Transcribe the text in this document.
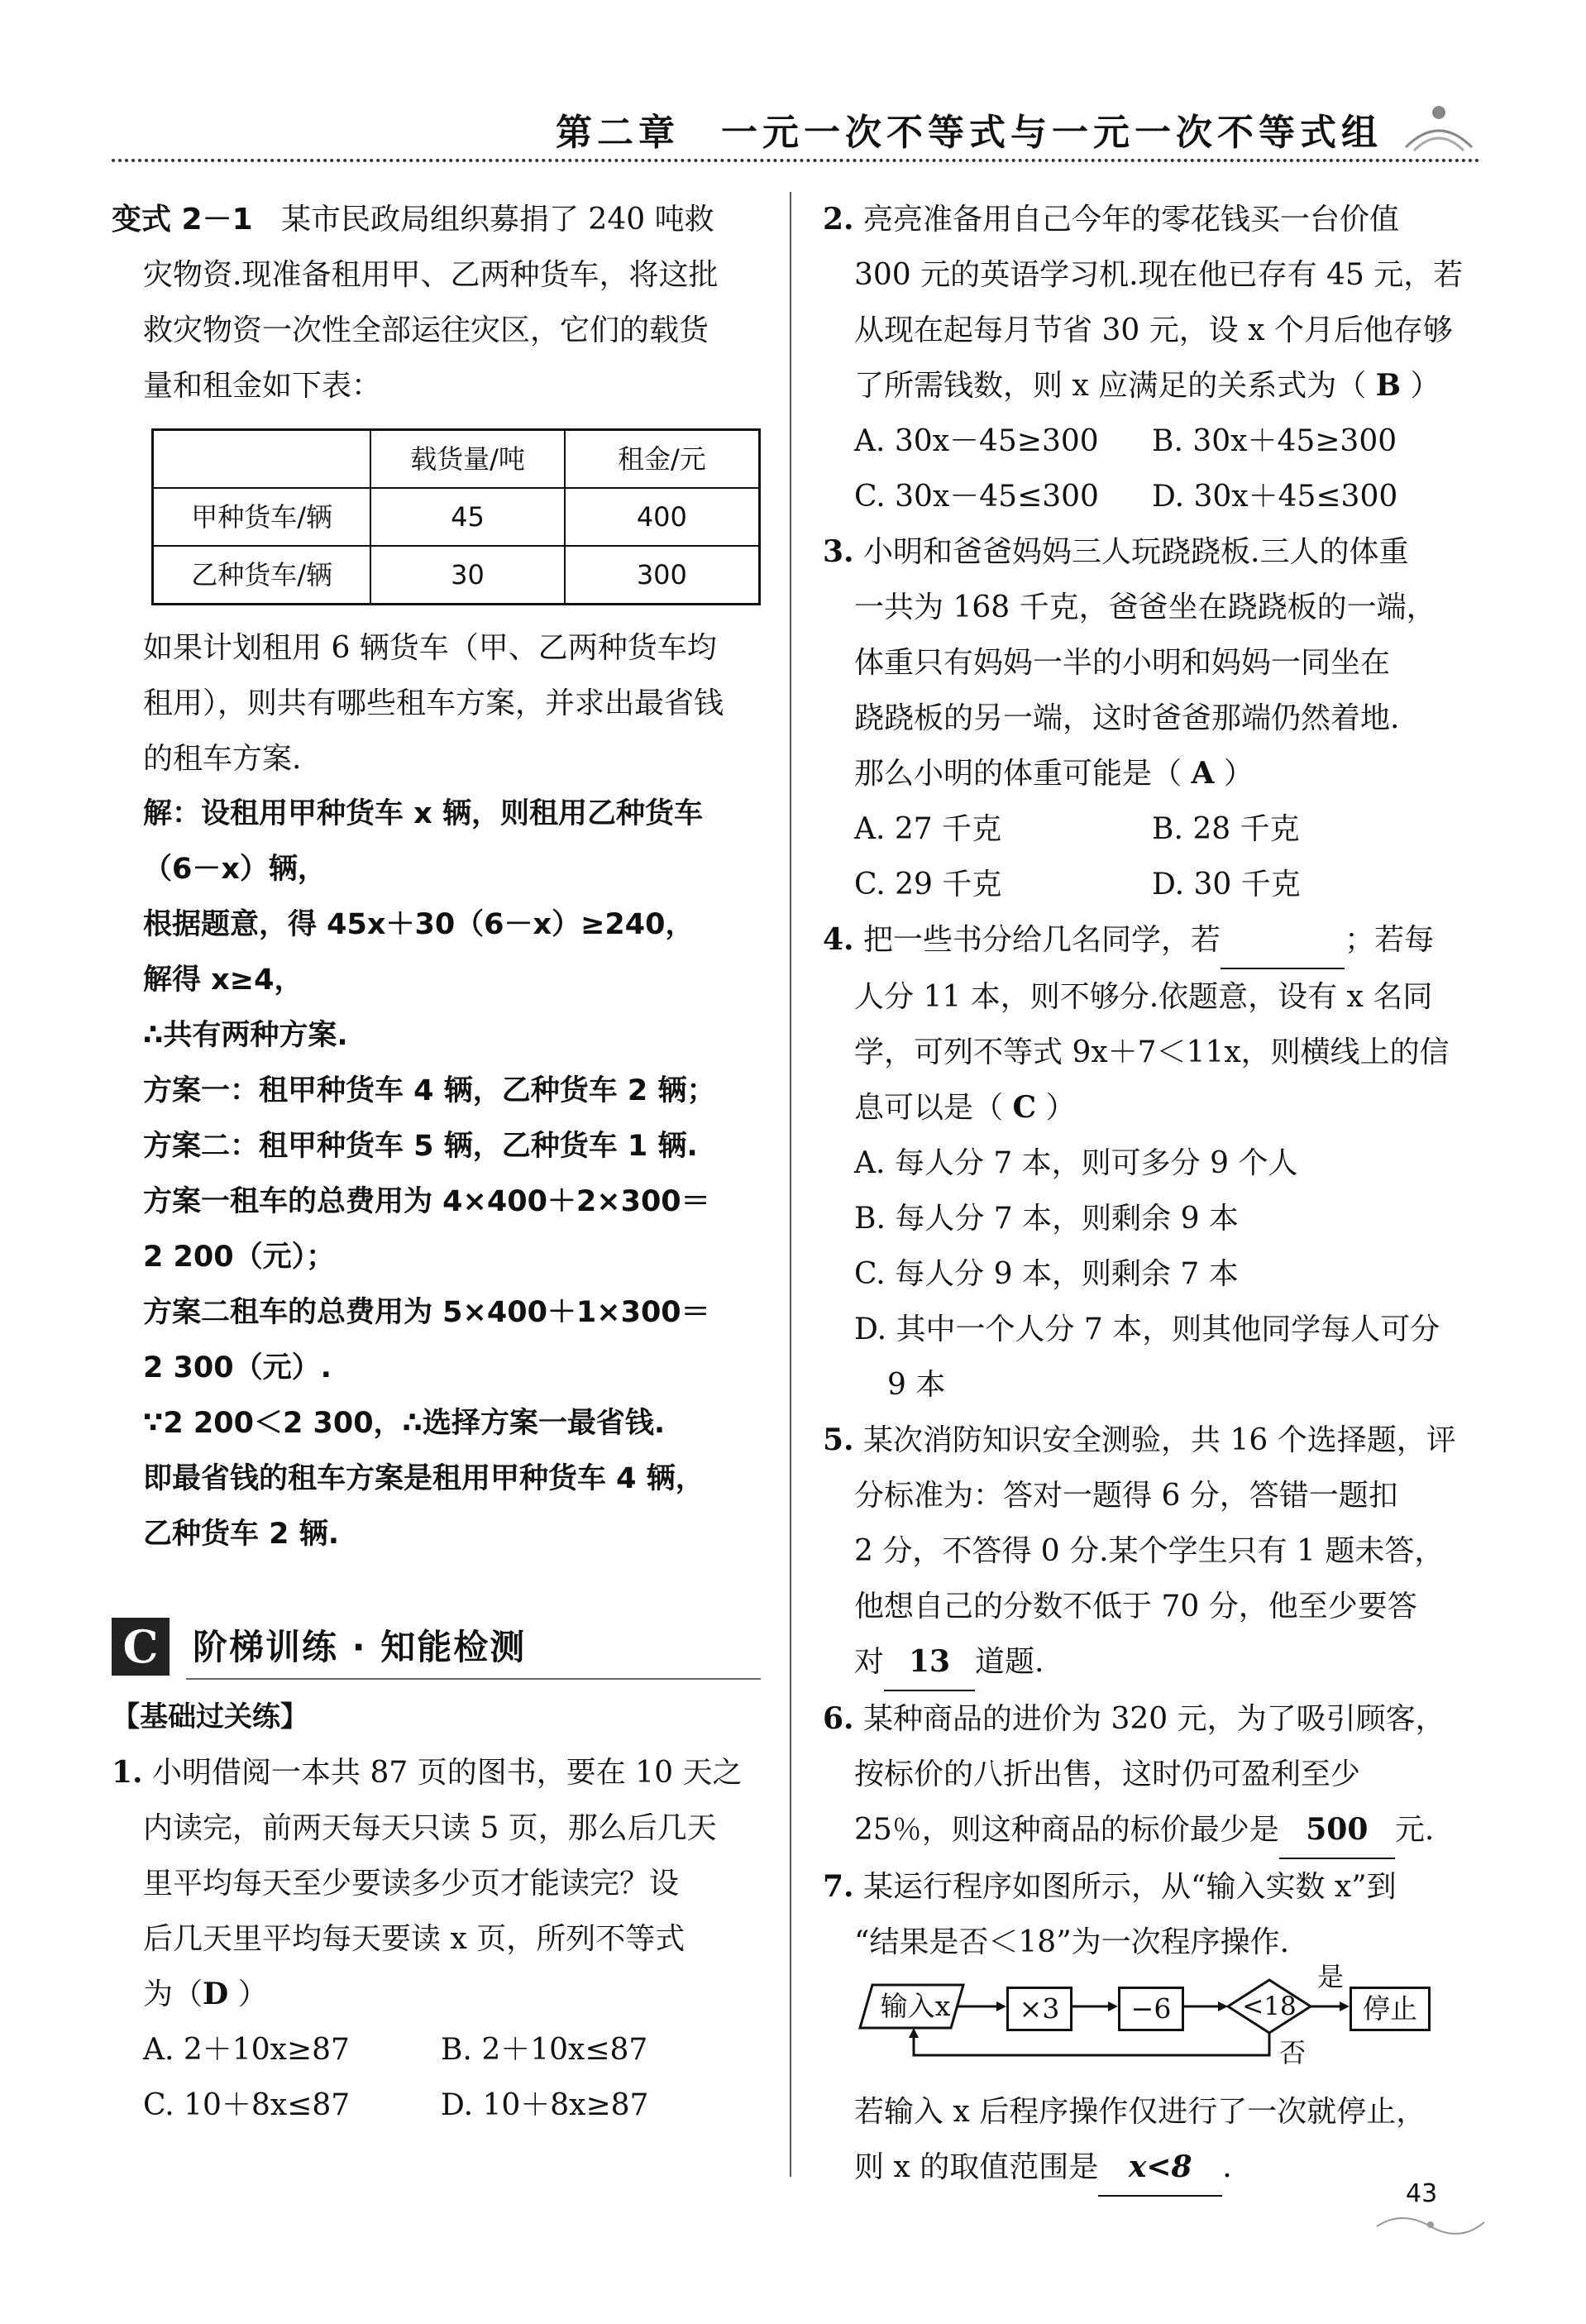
第二章　一元一次不等式与一元一次不等式组

变式 2－1 某市民政局组织募捐了 240 吨救

灾物资.现准备租用甲、乙两种货车，将这批

救灾物资一次性全部运往灾区，它们的载货

量和租金如下表：

	载货量/吨	租金/元
甲种货车/辆	45	400
乙种货车/辆	30	300

如果计划租用 6 辆货车（甲、乙两种货车均

租用），则共有哪些租车方案，并求出最省钱

的租车方案.

解：设租用甲种货车 x 辆，则租用乙种货车

（6－x）辆，

根据题意，得 45x＋30（6－x）≥240，

解得 x≥4，

∴共有两种方案.

方案一：租甲种货车 4 辆，乙种货车 2 辆；

方案二：租甲种货车 5 辆，乙种货车 1 辆.

方案一租车的总费用为 4×400＋2×300＝

2 200（元）；

方案二租车的总费用为 5×400＋1×300＝

2 300（元）.

∵2 200＜2 300，∴选择方案一最省钱.

即最省钱的租车方案是租用甲种货车 4 辆，

乙种货车 2 辆.

C 阶梯训练 · 知能检测

【基础过关练】

1. 小明借阅一本共 87 页的图书，要在 10 天之

内读完，前两天每天只读 5 页，那么后几天

里平均每天至少要读多少页才能读完？设

后几天里平均每天要读 x 页，所列不等式

为（D ）

A. 2＋10x≥87	B. 2＋10x≤87

C. 10＋8x≤87	D. 10＋8x≥87

2. 亮亮准备用自己今年的零花钱买一台价值

300 元的英语学习机.现在他已存有 45 元，若

从现在起每月节省 30 元，设 x 个月后他存够

了所需钱数，则 x 应满足的关系式为（ B ）

A. 30x－45≥300	B. 30x＋45≥300

C. 30x－45≤300	D. 30x＋45≤300

3. 小明和爸爸妈妈三人玩跷跷板.三人的体重

一共为 168 千克，爸爸坐在跷跷板的一端，

体重只有妈妈一半的小明和妈妈一同坐在

跷跷板的另一端，这时爸爸那端仍然着地.

那么小明的体重可能是（ A ）

A. 27 千克	B. 28 千克

C. 29 千克	D. 30 千克

4. 把一些书分给几名同学，若	；若每

人分 11 本，则不够分.依题意，设有 x 名同

学，可列不等式 9x＋7＜11x，则横线上的信

息可以是（ C ）

A. 每人分 7 本，则可多分 9 个人

B. 每人分 7 本，则剩余 9 本

C. 每人分 9 本，则剩余 7 本

D. 其中一个人分 7 本，则其他同学每人可分

9 本

5. 某次消防知识安全测验，共 16 个选择题，评

分标准为：答对一题得 6 分，答错一题扣

2 分，不答得 0 分.某个学生只有 1 题未答，

他想自己的分数不低于 70 分，他至少要答

对 13 道题.

6. 某种商品的进价为 320 元，为了吸引顾客，

按标价的八折出售，这时仍可盈利至少

25％，则这种商品的标价最少是 500 元.

7. 某运行程序如图所示，从“输入实数 x”到

“结果是否＜18”为一次程序操作.

输入x	×3	−6	<18
是
否
停止

若输入 x 后程序操作仅进行了一次就停止，

则 x 的取值范围是 x<8 .

43
